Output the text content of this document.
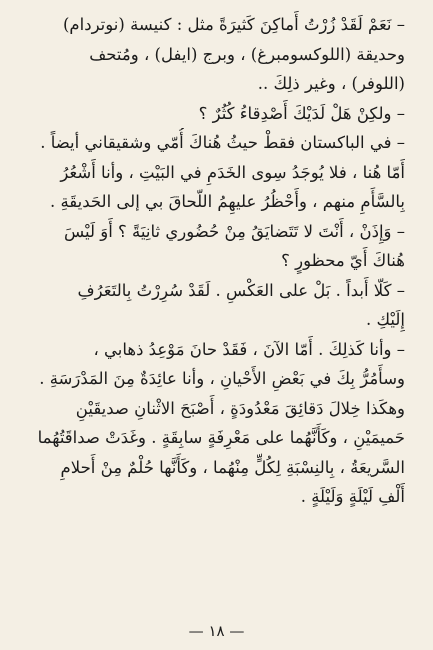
– نَعَمْ لَقَدْ زُرْتُ أَماكِنَ كَثيرَةً مثل : كنيسة (نوتردام)
وحديقة (اللوكسومبرغ) ، وبرج (ايفل) ، ومُتحف
(اللوفر) ، وغير ذلِكَ ..
– ولكِنْ هَلْ لَدَيْكَ أَصْدِقاءُ كُثُرٌ ؟
– في الباكستان فقطْ حيثُ هُناكَ أُمّي وشقيقاني أيضاً .
أَمّا هُنا ، فلا يُوجَدُ سِوى الخَدَمِ في البَيْتِ ، وأنا أَشْعُرُ
بِالسَّأَمِ منهم ، وأَحْظُرُ عليهِمُ اللّحاقَ بي إلى الحَديقَةِ .
– وَإِذَنْ ، أَنْتَ لا تَتَضايَقُ مِنْ حُضُوري ثانِيَةً ؟ أَوَ لَيْسَ
هُناكَ أَيّ محظورٍ ؟
– كَلّا أَبداً . بَلْ على العَكْسِ . لَقَدْ سُرِرْتُ بِالتَعَرُفِ
إِلَيْكِ .
– وأنا كَذلِكَ . أَمّا الآنَ ، فَقَدْ حانَ مَوْعِدُ ذهابي ،
وسأَمُرُّ بِكَ في بَعْضِ الأَحْيانِ ، وأنا عائِدَةٌ مِنَ المَدْرَسَةِ .
وهكَذا خِلالَ دَقائِقَ مَعْدُودَةٍ ، أَصْبَحَ الاثْنانِ صديقَيْنِ
حَميمَيْنِ ، وكَأَنَّهُما على مَعْرِفَةٍ سابِقَةٍ . وغَدَتْ صداقَتُهُما
السَّريعَةُ ، بِالنِسْبَةِ لِكُلٍّ مِنْهُما ، وكَأَنَّها حُلْمٌ مِنْ أَحلامِ
أَلْفِ لَيْلَةٍ وَلَيْلَةٍ .
— ١٨ —
